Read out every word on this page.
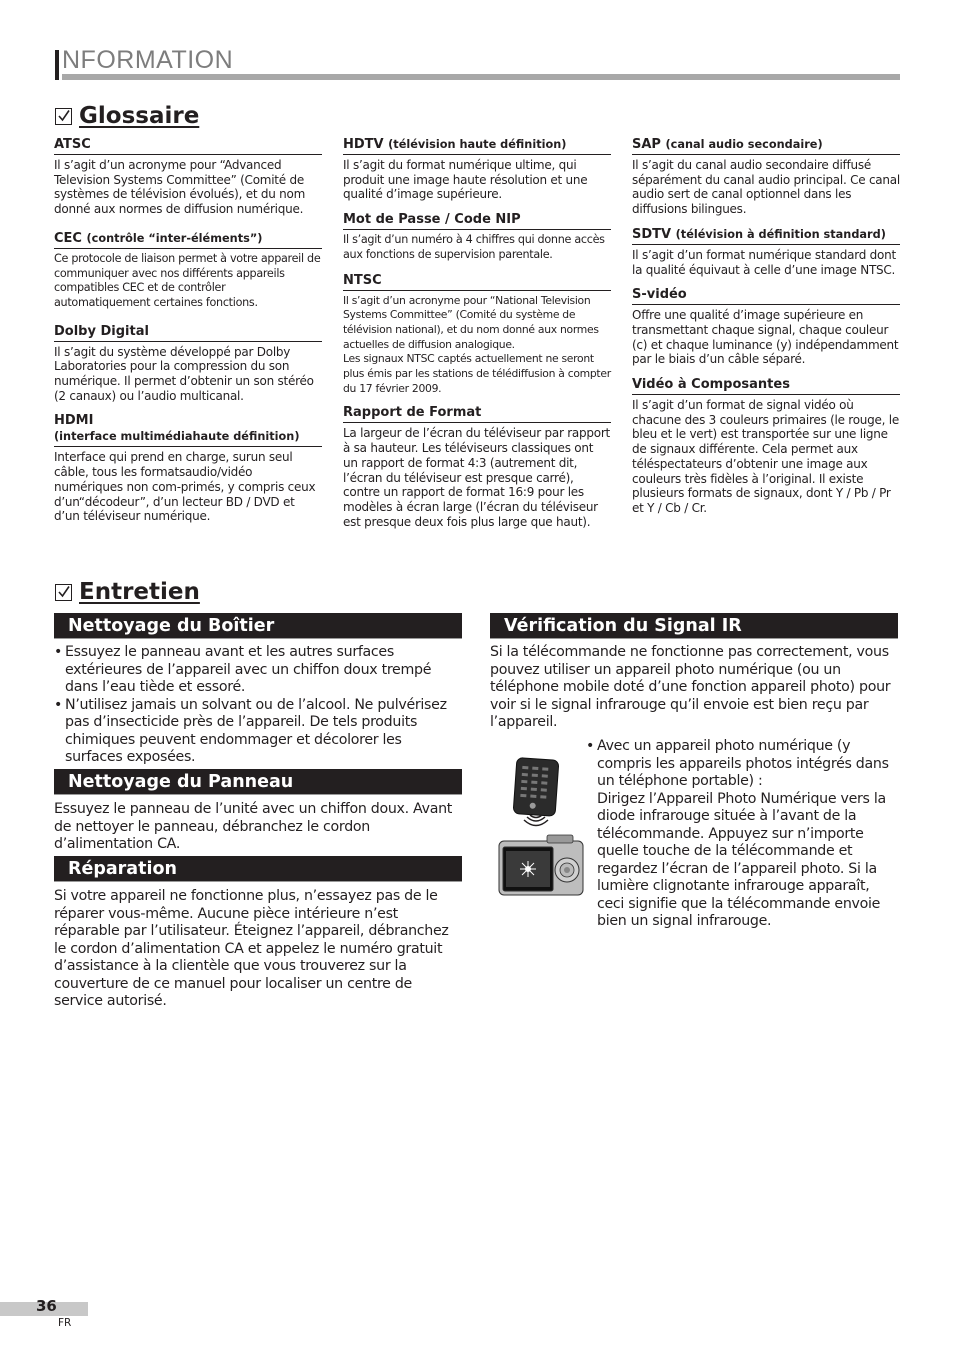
NFORMATION
Glossaire
ATSC

Il s’agit d’un acronyme pour “Advanced Television Systems Committee” (Comité de systèmes de télévision évolués), et du nom donné aux normes de diffusion numérique.

CEC (contrôle “inter-éléments”)

Ce protocole de liaison permet à votre appareil de communiquer avec nos différents appareils compatibles CEC et de contrôler automatiquement certaines fonctions.

Dolby Digital

Il s’agit du système développé par Dolby Laboratories pour la compression du son numérique. Il permet d’obtenir un son stéréo (2 canaux) ou l’audio multicanal.

HDMI
(interface multimédiahaute définition)

Interface qui prend en charge, surun seul câble, tous les formatsaudio/vidéo numériques non com-primés, y compris ceux d’un“décodeur”, d’un lecteur BD / DVD et d’un téléviseur numérique.

HDTV (télévision haute définition)

Il s’agit du format numérique ultime, qui produit une image haute résolution et une qualité d’image supérieure.

Mot de Passe / Code NIP

Il s’agit d’un numéro à 4 chiffres qui donne accès aux fonctions de supervision parentale.

NTSC

Il s’agit d’un acronyme pour “National Television Systems Committee” (Comité du système de télévision national), et du nom donné aux normes actuelles de diffusion analogique.

Les signaux NTSC captés actuellement ne seront plus émis par les stations de télédiffusion à compter du 17 février 2009.

Rapport de Format

La largeur de l’écran du téléviseur par rapport à sa hauteur. Les téléviseurs classiques ont un rapport de format 4:3 (autrement dit, l’écran du téléviseur est presque carré), contre un rapport de format 16:9 pour les modèles à écran large (l’écran du téléviseur est presque deux fois plus large que haut).

SAP (canal audio secondaire)

Il s’agit du canal audio secondaire diffusé séparément du canal audio principal. Ce canal audio sert de canal optionnel dans les diffusions bilingues.

SDTV (télévision à définition standard)

Il s’agit d’un format numérique standard dont la qualité équivaut à celle d’une image NTSC.

S-vidéo

Offre une qualité d’image supérieure en transmettant chaque signal, chaque couleur (c) et chaque luminance (y) indépendamment par le biais d’un câble séparé.

Vidéo à Composantes

Il s’agit d’un format de signal vidéo où chacune des 3 couleurs primaires (le rouge, le bleu et le vert) est transportée sur une ligne de signaux différente. Cela permet aux téléspectateurs d’obtenir une image aux couleurs très fidèles à l’original. Il existe plusieurs formats de signaux, dont Y / Pb / Pr et Y / Cb / Cr.

Entretien
Nettoyage du Boîtier
• Essuyez le panneau avant et les autres surfaces extérieures de l’appareil avec un chiffon doux trempé dans l’eau tiède et essoré.
• N’utilisez jamais un solvant ou de l’alcool. Ne pulvérisez pas d’insecticide près de l’appareil. De tels produits chimiques peuvent endommager et décolorer les surfaces exposées.
Nettoyage du Panneau

Essuyez le panneau de l’unité avec un chiffon doux. Avant de nettoyer le panneau, débranchez le cordon d’alimentation CA.

Réparation

Si votre appareil ne fonctionne plus, n’essayez pas de le réparer vous-même. Aucune pièce intérieure n’est réparable par l’utilisateur. Éteignez l’appareil, débranchez le cordon d’alimentation CA et appelez le numéro gratuit d’assistance à la clientèle que vous trouverez sur la couverture de ce manuel pour localiser un centre de service autorisé.

Vérification du Signal IR

Si la télécommande ne fonctionne pas correctement, vous pouvez utiliser un appareil photo numérique (ou un téléphone mobile doté d’une fonction appareil photo) pour voir si le signal infrarouge qu’il envoie est bien reçu par l’appareil.

• Avec un appareil photo numérique (y compris les appareils photos intégrés dans un téléphone portable) :
Dirigez l’Appareil Photo Numérique vers la diode infrarouge située à l’avant de la télécommande. Appuyez sur n’importe quelle touche de la télécommande et regardez l’écran de l’appareil photo. Si la lumière clignotante infrarouge apparaît, ceci signifie que la télécommande envoie bien un signal infrarouge.
36
FR
